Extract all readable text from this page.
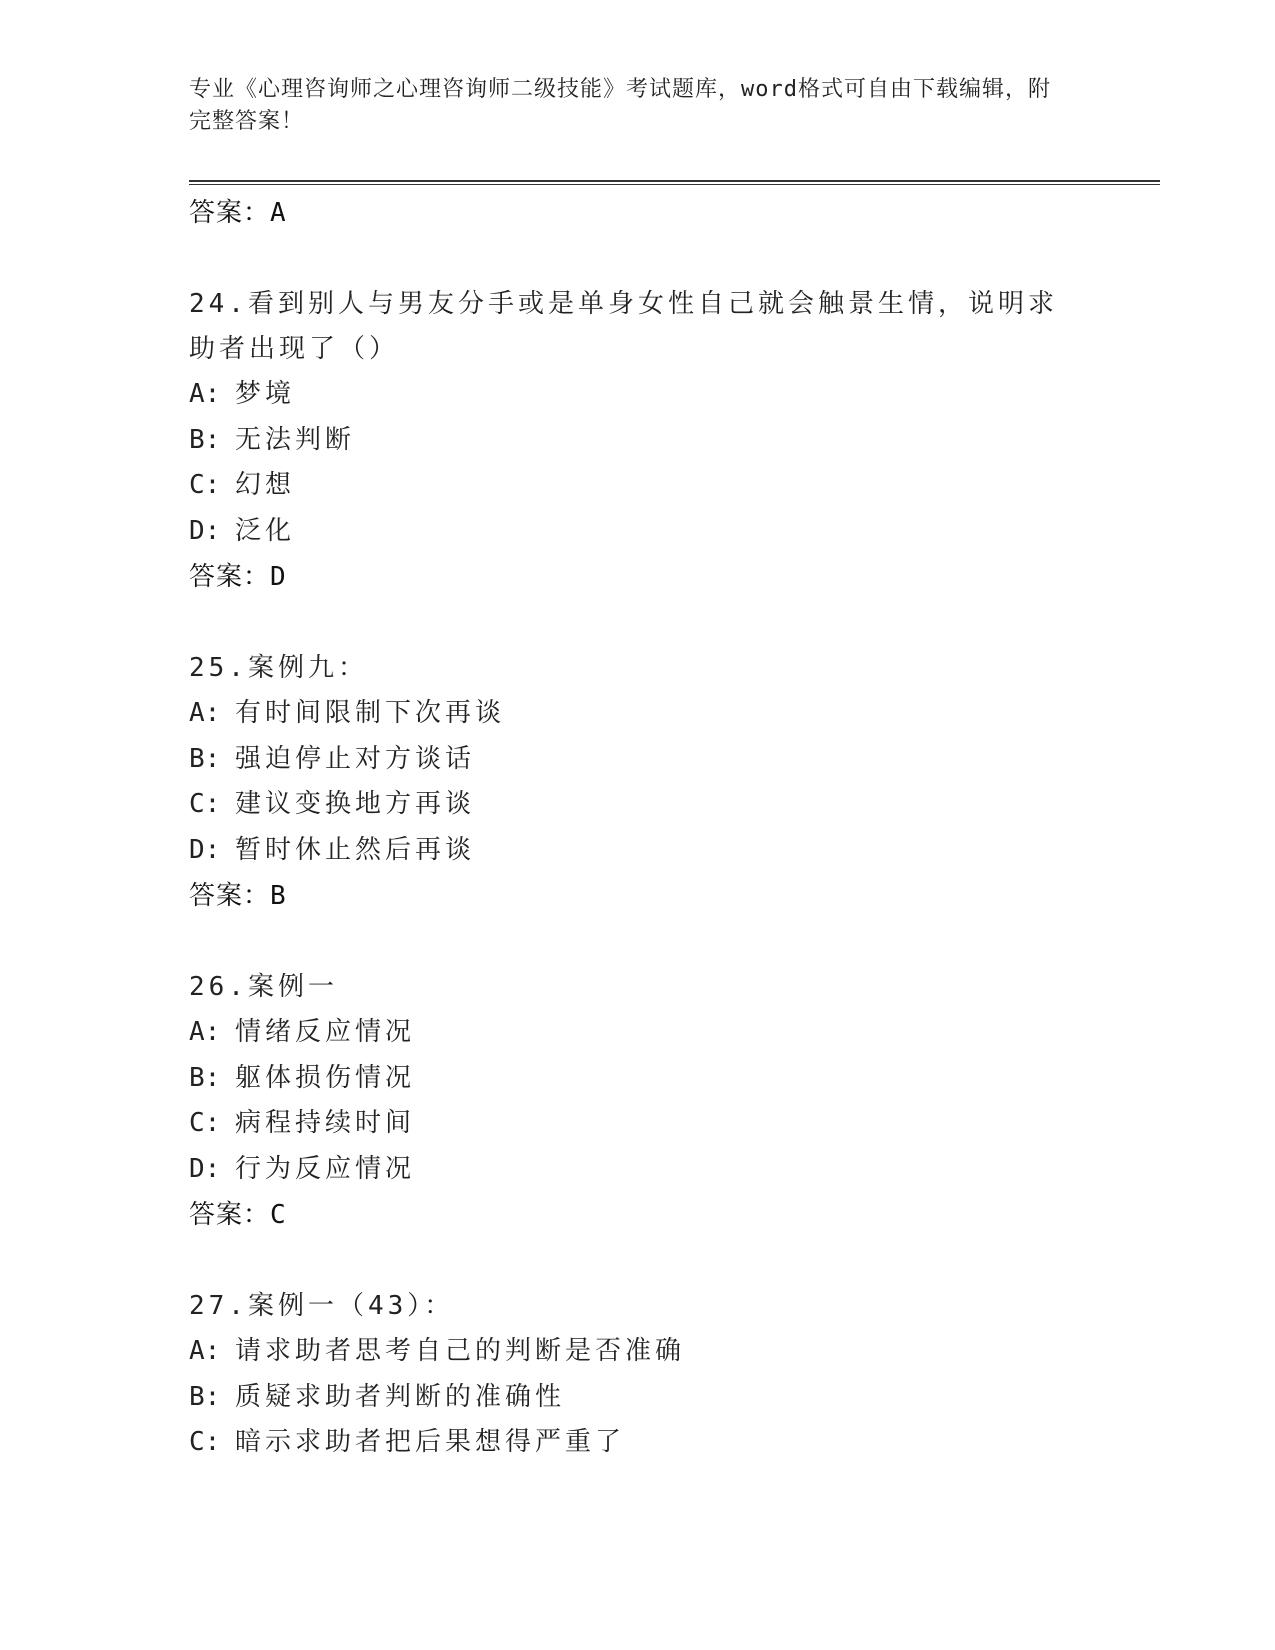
专业《心理咨询师之心理咨询师二级技能》考试题库，word格式可自由下载编辑，附完整答案！
答案：A
24.看到别人与男友分手或是单身女性自己就会触景生情，说明求助者出现了（）
A: 梦境
B: 无法判断
C: 幻想
D: 泛化
答案：D
25.案例九：
A: 有时间限制下次再谈
B: 强迫停止对方谈话
C: 建议变换地方再谈
D: 暂时休止然后再谈
答案：B
26.案例一
A: 情绪反应情况
B: 躯体损伤情况
C: 病程持续时间
D: 行为反应情况
答案：C
27.案例一（43）：
A: 请求助者思考自己的判断是否准确
B: 质疑求助者判断的准确性
C: 暗示求助者把后果想得严重了
